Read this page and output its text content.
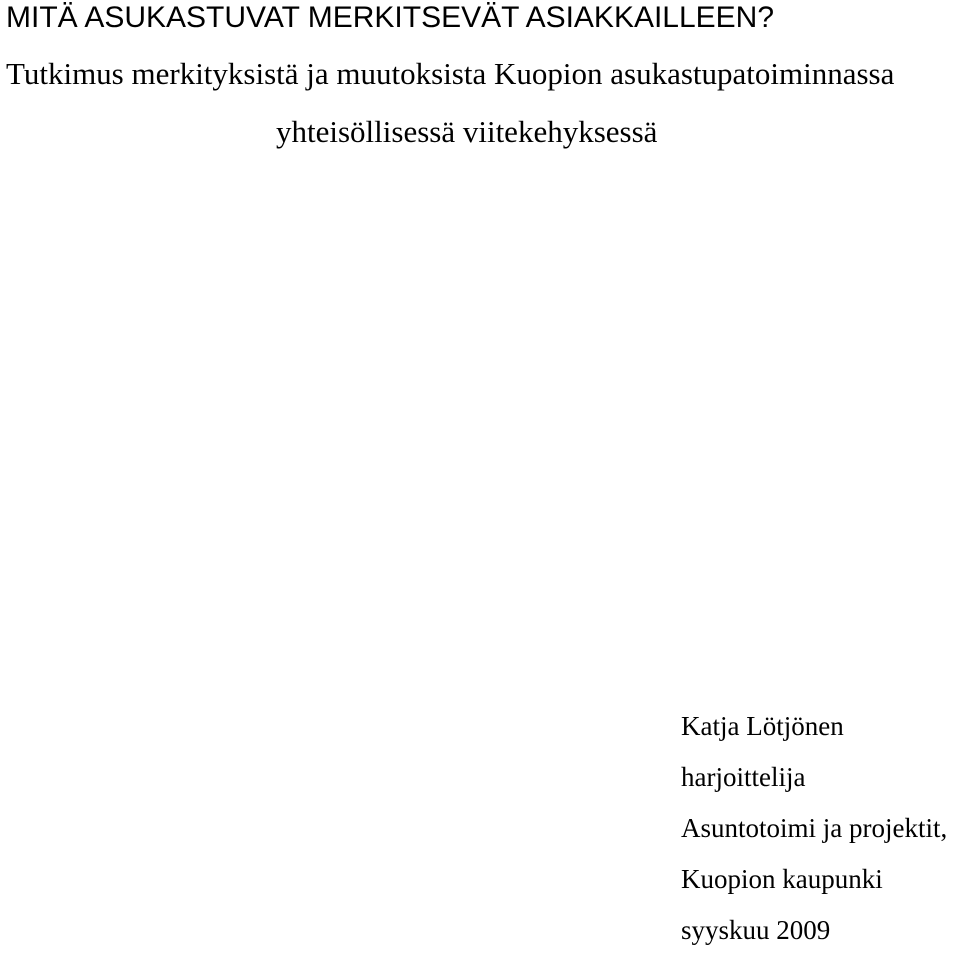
MITÄ ASUKASTUVAT MERKITSEVÄT ASIAKKAILLEEN?
Tutkimus merkityksistä ja muutoksista Kuopion asukastupatoiminnassa
yhteisöllisessä viitekehyksessä
Katja Lötjönen
harjoittelija
Asuntotoimi ja projektit,
Kuopion kaupunki
syyskuu 2009
